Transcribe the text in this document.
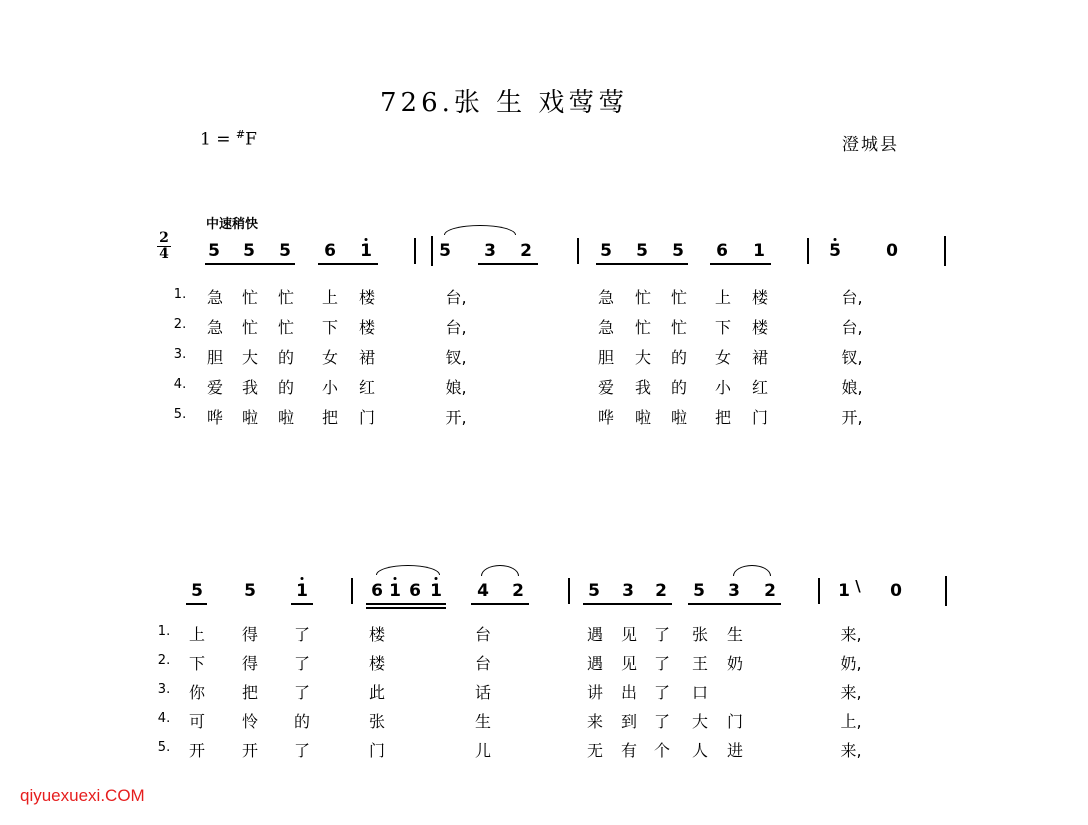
726.张 生 戏莺莺
1 = #F	澄城县
中速稍快
2
4 5 5 5 6 1	5 3 2	5 5 5 6 1	5	0
1. 急 忙 忙 上 楼	台,	急 忙 忙 上 楼	台,
2. 急 忙 忙 下 楼	台,	急 忙 忙 下 楼	台,
3. 胆 大 的 女 裙	钗,	胆 大 的 女 裙	钗,
4. 爱 我 的 小 红	娘,	爱 我 的 小 红	娘,
5. 哗 啦 啦 把 门	开,	哗 啦 啦 把 门	开,
5 5 1	6 1 6 1 4 2	5 3 2 5 3 2	1 0
\
1. 上 得 了	楼	台	遇 见 了 张 生	来,
2. 下 得 了	楼	台	遇 见 了 王 奶	奶,
3. 你 把 了	此	话	讲 出 了 口	来,
4. 可 怜 的	张	生	来 到 了 大 门	上,
5. 开 开 了	门	儿	无 有 个 人 进	来,
qiyuexuexi.COM
